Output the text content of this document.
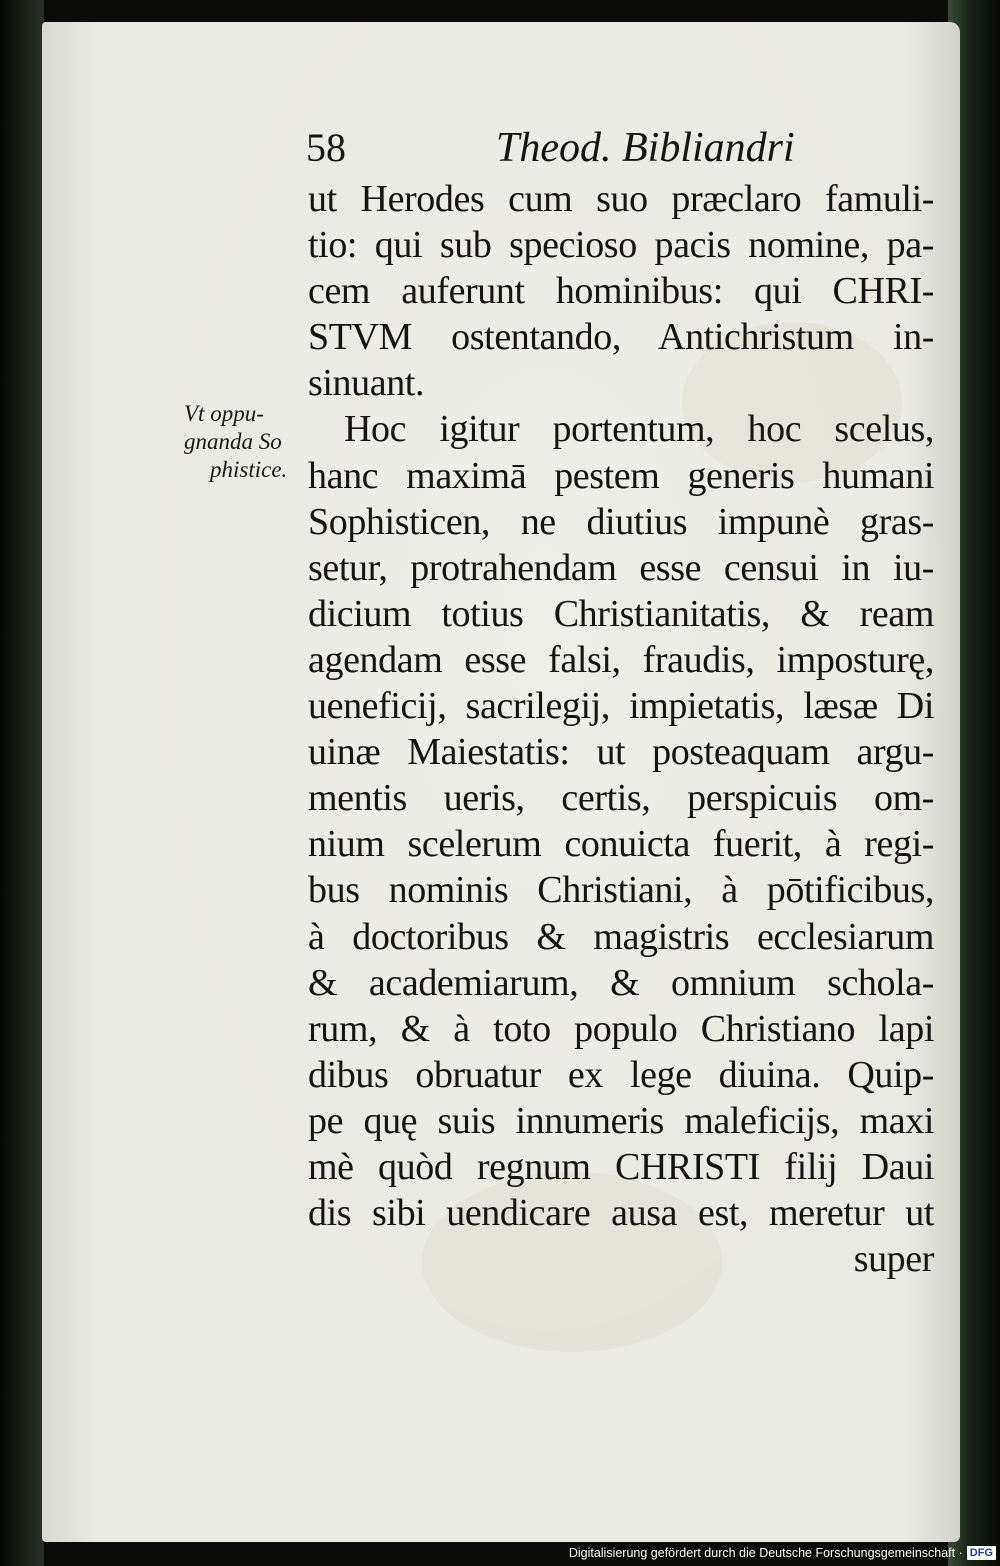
58	Theod. Bibliandri
Vt oppu-
gnanda So
phistice.
ut Herodes cum suo præclaro famuli-
tio: qui sub specioso pacis nomine, pa-
cem auferunt hominibus: qui CHRI-
STVM ostentando, Antichristum in-
sinuant.
Hoc igitur portentum, hoc scelus,
hanc maximā pestem generis humani
Sophisticen, ne diutius impunè gras-
setur, protrahendam esse censui in iu-
dicium totius Christianitatis, & ream
agendam esse falsi, fraudis, imposturę,
ueneficij, sacrilegij, impietatis, læsæ Di
uinæ Maiestatis: ut posteaquam argu-
mentis ueris, certis, perspicuis om-
nium scelerum conuicta fuerit, à regi-
bus nominis Christiani, à pōtificibus,
à doctoribus & magistris ecclesiarum
& academiarum, & omnium schola-
rum, & à toto populo Christiano lapi
dibus obruatur ex lege diuina. Quip-
pe quę suis innumeris maleficijs, maxi
mè quòd regnum CHRISTI filij Daui
dis sibi uendicare ausa est, meretur ut
super
Digitalisierung gefördert durch die Deutsche Forschungsgemeinschaft · DFG
